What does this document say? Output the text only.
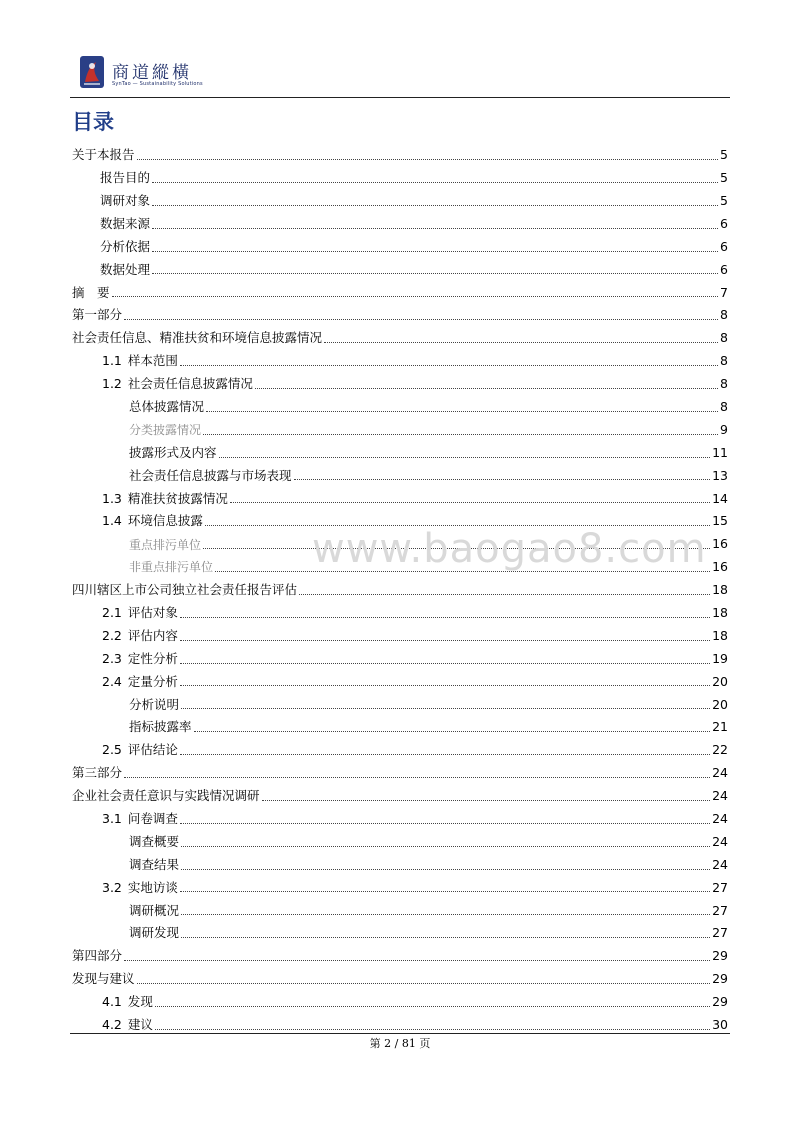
商道縱橫
SynTao — Sustainability Solutions
目录
关于本报告	5
报告目的	5
调研对象	5
数据来源	6
分析依据	6
数据处理	6
摘　要	7
第一部分	8
社会责任信息、精准扶贫和环境信息披露情况	8
1.1 样本范围	8
1.2 社会责任信息披露情况	8
总体披露情况	8
分类披露情况	9
披露形式及内容	11
社会责任信息披露与市场表现	13
1.3 精准扶贫披露情况	14
1.4 环境信息披露	15
重点排污单位	16
非重点排污单位	16
四川辖区上市公司独立社会责任报告评估	18
2.1 评估对象	18
2.2 评估内容	18
2.3 定性分析	19
2.4 定量分析	20
分析说明	20
指标披露率	21
2.5 评估结论	22
第三部分	24
企业社会责任意识与实践情况调研	24
3.1 问卷调查	24
调查概要	24
调查结果	24
3.2 实地访谈	27
调研概况	27
调研发现	27
第四部分	29
发现与建议	29
4.1 发现	29
4.2 建议	30
www.baogao8.com
第 2 / 81 页
